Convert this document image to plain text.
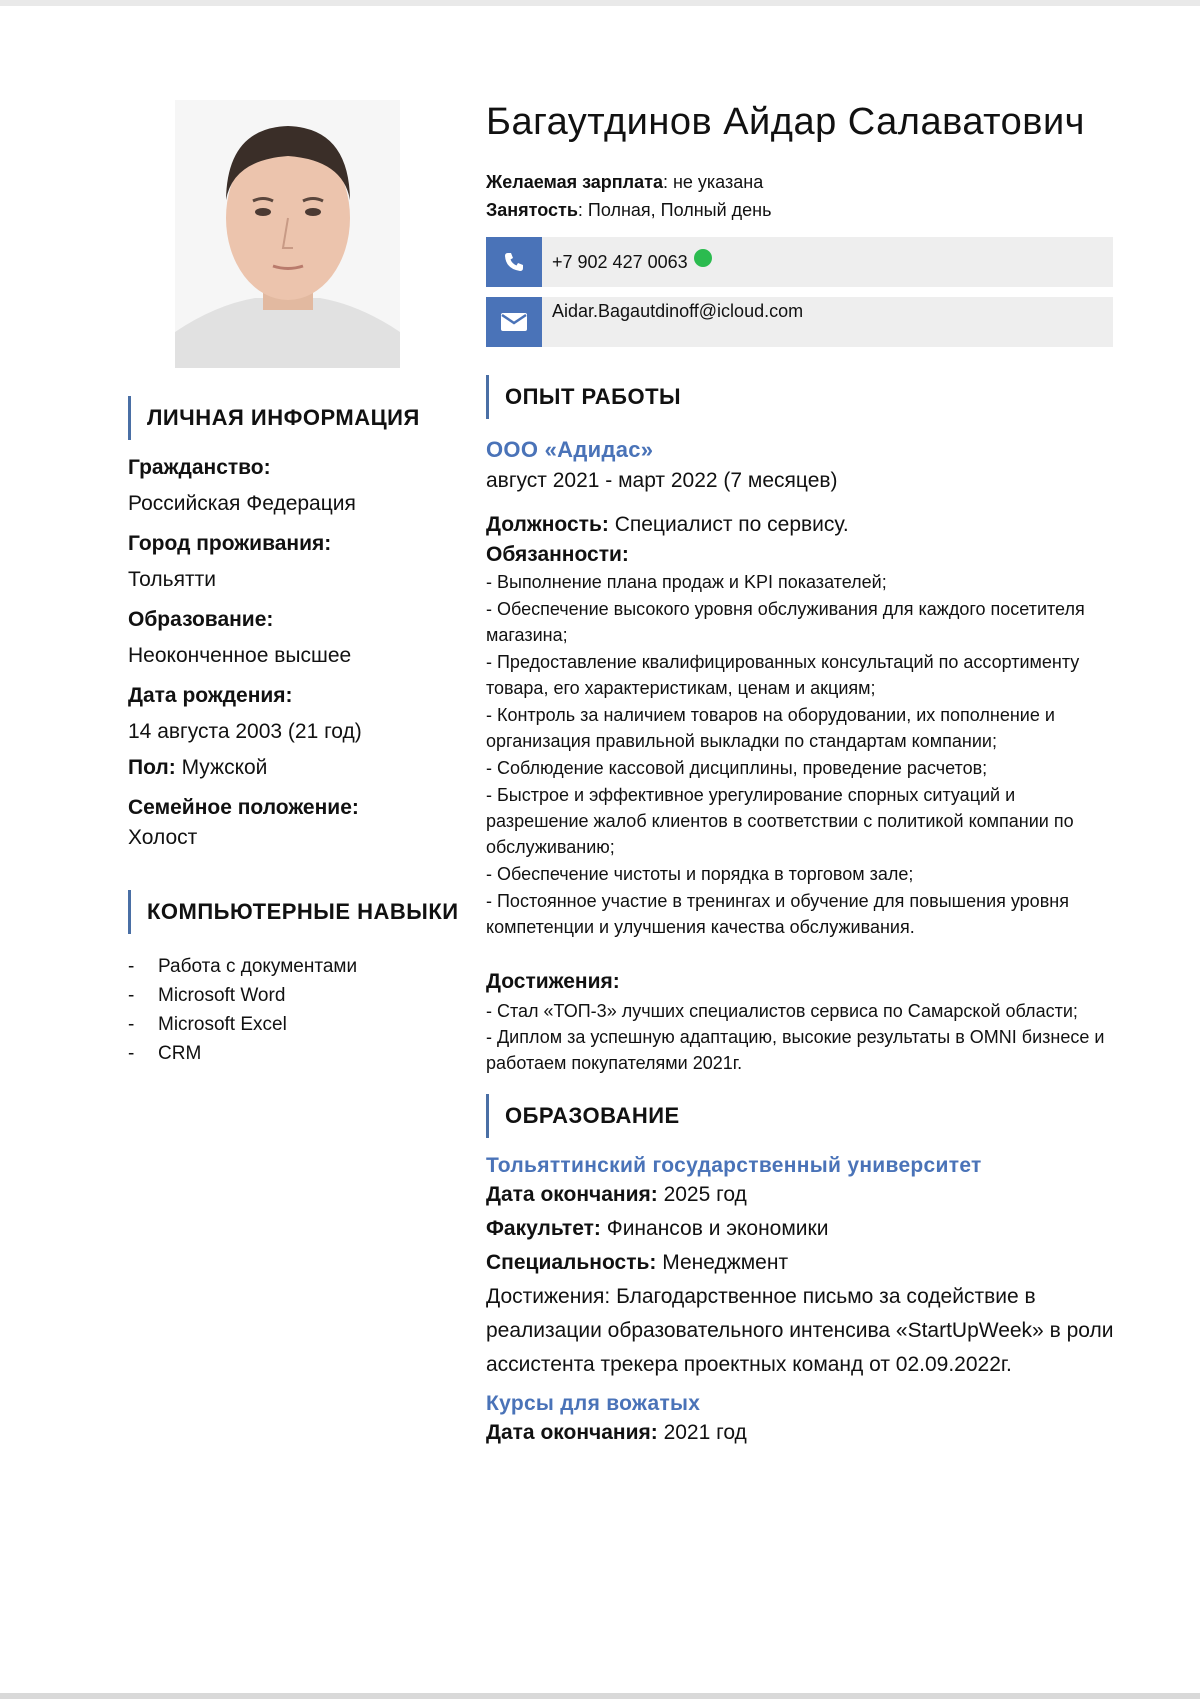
ЛИЧНАЯ ИНФОРМАЦИЯ
Гражданство:
Российская Федерация
Город проживания:
Тольятти
Образование:
Неоконченное высшее
Дата рождения:
14 августа 2003 (21 год)
Пол: Мужской
Семейное положение:
Холост
КОМПЬЮТЕРНЫЕ НАВЫКИ
-	Работа с документами
-	Microsoft Word
-	Microsoft Excel
-	CRM
Багаутдинов Айдар Салаватович
Желаемая зарплата: не указана
Занятость: Полная, Полный день
+7 902 427 0063
Aidar.Bagautdinoff@icloud.com
ОПЫТ РАБОТЫ
ООО «Адидас»
август 2021 - март 2022 (7 месяцев)
Должность: Специалист по сервису.
Обязанности:
- Выполнение плана продаж и KPI показателей;
- Обеспечение высокого уровня обслуживания для каждого посетителя магазина;
- Предоставление квалифицированных консультаций по ассортименту товара, его характеристикам, ценам и акциям;
- Контроль за наличием товаров на оборудовании, их пополнение и организация правильной выкладки по стандартам компании;
- Соблюдение кассовой дисциплины, проведение расчетов;
- Быстрое и эффективное урегулирование спорных ситуаций и разрешение жалоб клиентов в соответствии с политикой компании по обслуживанию;
- Обеспечение чистоты и порядка в торговом зале;
- Постоянное участие в тренингах и обучение для повышения уровня компетенции и улучшения качества обслуживания.
Достижения:
- Стал «ТОП-3» лучших специалистов сервиса по Самарской области;
- Диплом за успешную адаптацию, высокие результаты в OMNI бизнесе и работаем покупателями 2021г.
ОБРАЗОВАНИЕ
Тольяттинский государственный университет
Дата окончания: 2025 год
Факультет: Финансов и экономики
Специальность: Менеджмент
Достижения: Благодарственное письмо за содействие в реализации образовательного интенсива «StartUpWeek» в роли ассистента трекера проектных команд от 02.09.2022г.
Курсы для вожатых
Дата окончания: 2021 год
